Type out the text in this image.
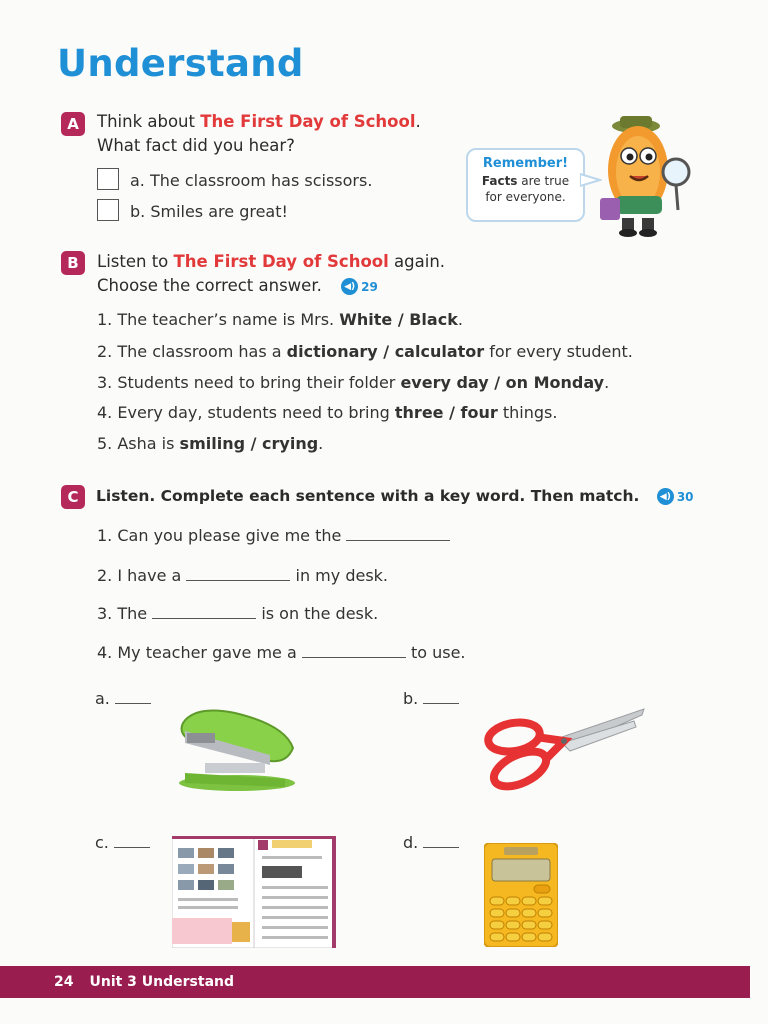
Understand
A	Think about The First Day of School.
What fact did you hear?
a. The classroom has scissors.
b. Smiles are great!
Remember!
Facts are true
for everyone.
B	Listen to The First Day of School again.
Choose the correct answer.	◀) 29
1. The teacher’s name is Mrs. White / Black.
2. The classroom has a dictionary / calculator for every student.
3. Students need to bring their folder every day / on Monday.
4. Every day, students need to bring three / four things.
5. Asha is smiling / crying.
C	Listen. Complete each sentence with a key word. Then match.	◀) 30
1. Can you please give me the
2. I have a	in my desk.
3. The	is on the desk.
4. My teacher gave me a	to use.
a.	b.
c.	d.
24 Unit 3 Understand
